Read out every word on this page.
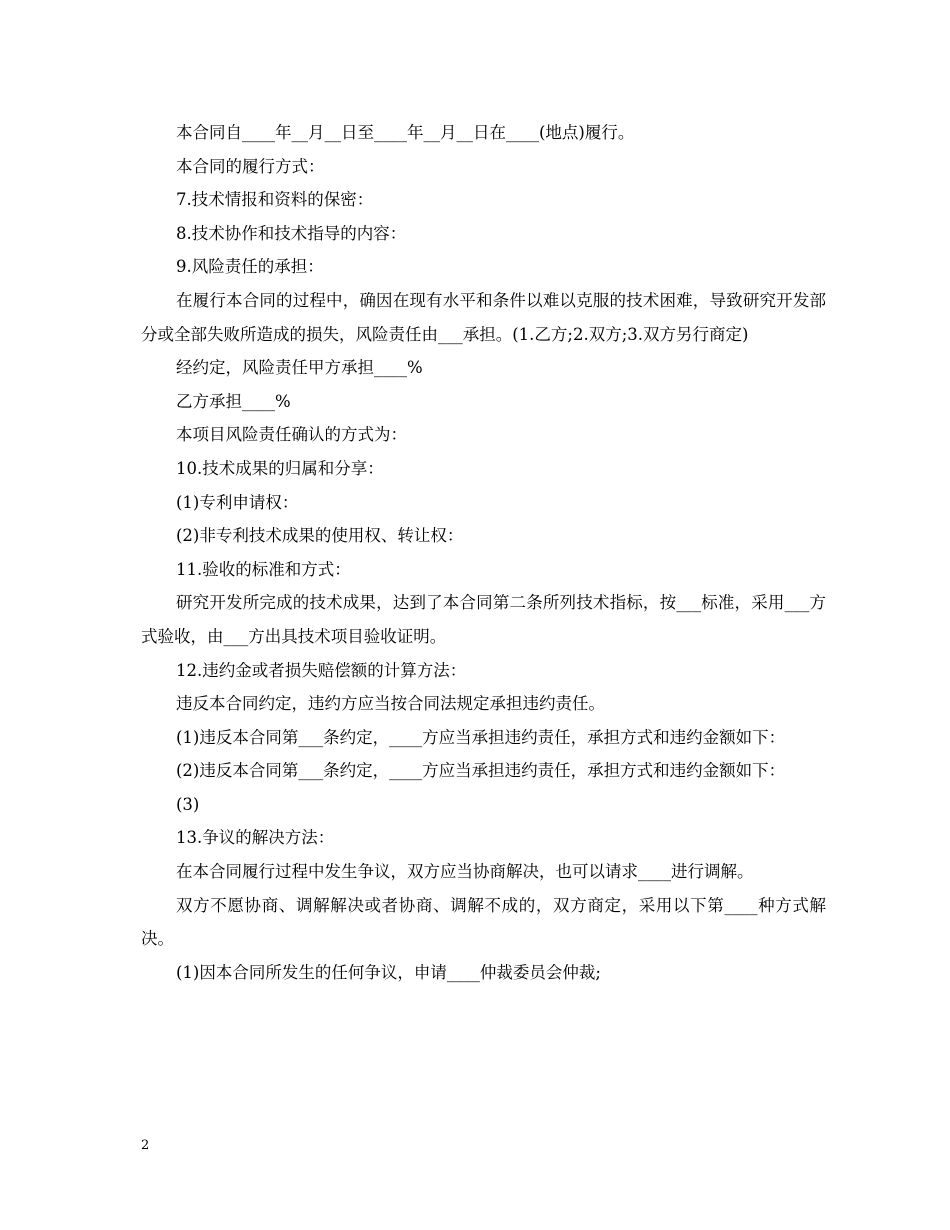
本合同自____年__月__日至____年__月__日在____(地点)履行。

本合同的履行方式：

7.技术情报和资料的保密：

8.技术协作和技术指导的内容：

9.风险责任的承担：

在履行本合同的过程中，确因在现有水平和条件以难以克服的技术困难，导致研究开发部分或全部失败所造成的损失，风险责任由___承担。(1.乙方;2.双方;3.双方另行商定)

经约定，风险责任甲方承担____%

乙方承担____%

本项目风险责任确认的方式为：

10.技术成果的归属和分享：

(1)专利申请权：

(2)非专利技术成果的使用权、转让权：

11.验收的标准和方式：

研究开发所完成的技术成果，达到了本合同第二条所列技术指标，按___标准，采用___方式验收，由___方出具技术项目验收证明。

12.违约金或者损失赔偿额的计算方法：

违反本合同约定，违约方应当按合同法规定承担违约责任。

(1)违反本合同第___条约定，____方应当承担违约责任，承担方式和违约金额如下：

(2)违反本合同第___条约定，____方应当承担违约责任，承担方式和违约金额如下：

(3)

13.争议的解决方法：

在本合同履行过程中发生争议，双方应当协商解决，也可以请求____进行调解。

双方不愿协商、调解解决或者协商、调解不成的，双方商定，采用以下第____种方式解决。

(1)因本合同所发生的任何争议，申请____仲裁委员会仲裁;

2
